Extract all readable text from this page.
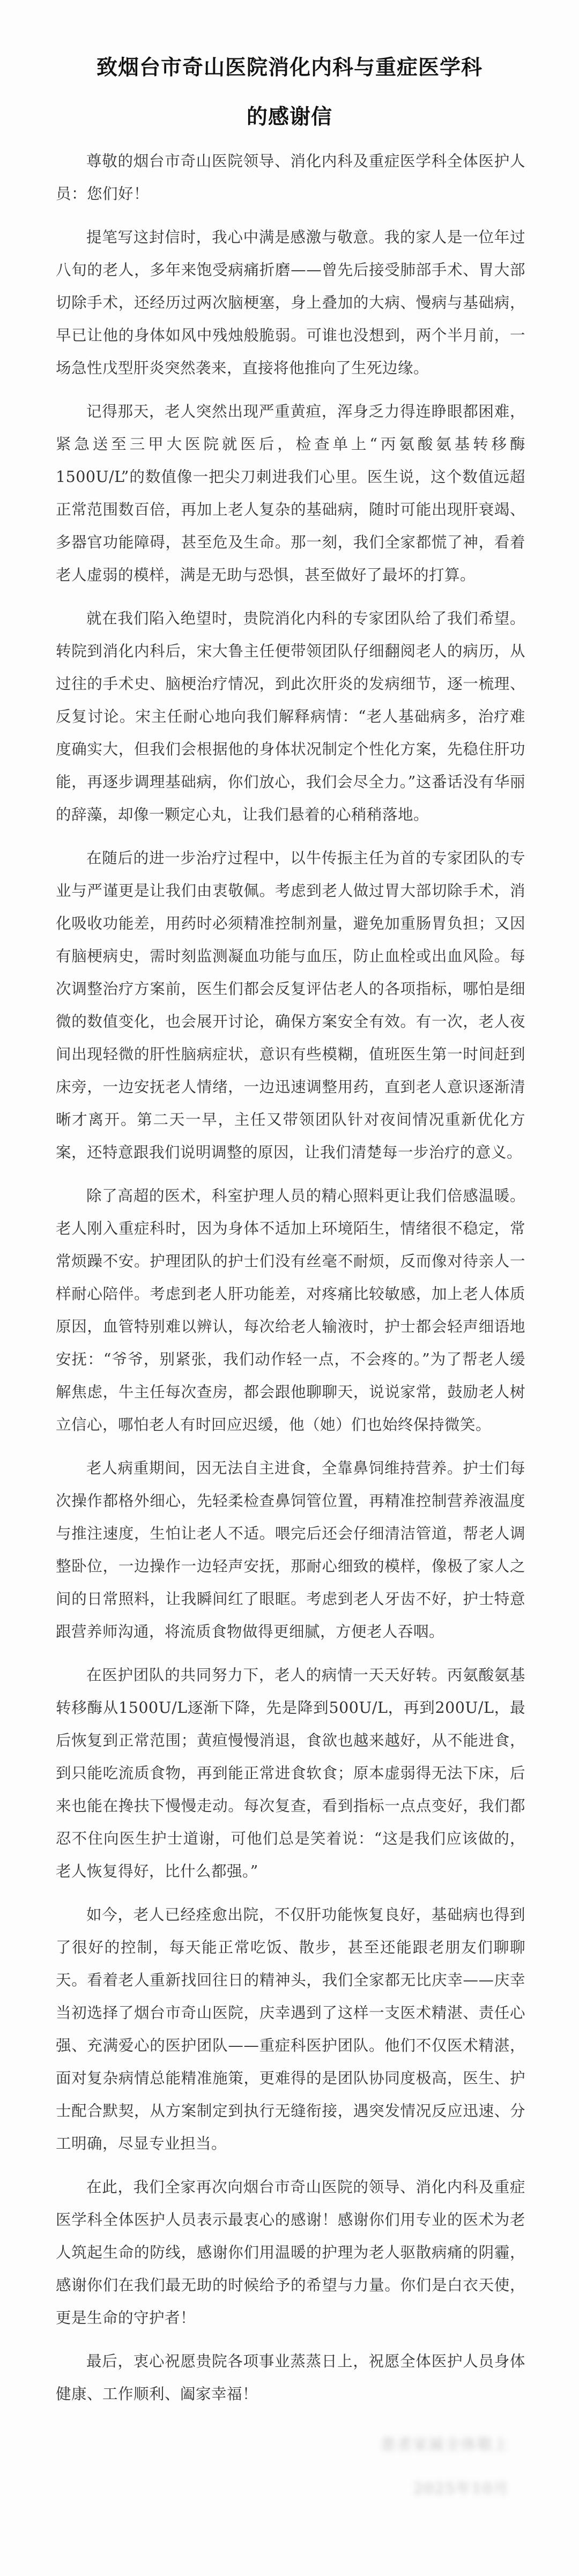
致烟台市奇山医院消化内科与重症医学科
的感谢信

尊敬的烟台市奇山医院领导、消化内科及重症医学科全体医护人员：您们好！

提笔写这封信时，我心中满是感激与敬意。我的家人是一位年过八旬的老人，多年来饱受病痛折磨——曾先后接受肺部手术、胃大部切除手术，还经历过两次脑梗塞，身上叠加的大病、慢病与基础病，早已让他的身体如风中残烛般脆弱。可谁也没想到，两个半月前，一场急性戊型肝炎突然袭来，直接将他推向了生死边缘。

记得那天，老人突然出现严重黄疸，浑身乏力得连睁眼都困难，紧急送至三甲大医院就医后，检查单上“丙氨酸氨基转移酶1500U/L”的数值像一把尖刀刺进我们心里。医生说，这个数值远超正常范围数百倍，再加上老人复杂的基础病，随时可能出现肝衰竭、多器官功能障碍，甚至危及生命。那一刻，我们全家都慌了神，看着老人虚弱的模样，满是无助与恐惧，甚至做好了最坏的打算。

就在我们陷入绝望时，贵院消化内科的专家团队给了我们希望。转院到消化内科后，宋大鲁主任便带领团队仔细翻阅老人的病历，从过往的手术史、脑梗治疗情况，到此次肝炎的发病细节，逐一梳理、反复讨论。宋主任耐心地向我们解释病情：“老人基础病多，治疗难度确实大，但我们会根据他的身体状况制定个性化方案，先稳住肝功能，再逐步调理基础病，你们放心，我们会尽全力。”这番话没有华丽的辞藻，却像一颗定心丸，让我们悬着的心稍稍落地。

在随后的进一步治疗过程中，以牛传振主任为首的专家团队的专业与严谨更是让我们由衷敬佩。考虑到老人做过胃大部切除手术，消化吸收功能差，用药时必须精准控制剂量，避免加重肠胃负担；又因有脑梗病史，需时刻监测凝血功能与血压，防止血栓或出血风险。每次调整治疗方案前，医生们都会反复评估老人的各项指标，哪怕是细微的数值变化，也会展开讨论，确保方案安全有效。有一次，老人夜间出现轻微的肝性脑病症状，意识有些模糊，值班医生第一时间赶到床旁，一边安抚老人情绪，一边迅速调整用药，直到老人意识逐渐清晰才离开。第二天一早，主任又带领团队针对夜间情况重新优化方案，还特意跟我们说明调整的原因，让我们清楚每一步治疗的意义。

除了高超的医术，科室护理人员的精心照料更让我们倍感温暖。老人刚入重症科时，因为身体不适加上环境陌生，情绪很不稳定，常常烦躁不安。护理团队的护士们没有丝毫不耐烦，反而像对待亲人一样耐心陪伴。考虑到老人肝功能差，对疼痛比较敏感，加上老人体质原因，血管特别难以辨认，每次给老人输液时，护士都会轻声细语地安抚：“爷爷，别紧张，我们动作轻一点，不会疼的。”为了帮老人缓解焦虑，牛主任每次查房，都会跟他聊聊天，说说家常，鼓励老人树立信心，哪怕老人有时回应迟缓，他（她）们也始终保持微笑。

老人病重期间，因无法自主进食，全靠鼻饲维持营养。护士们每次操作都格外细心，先轻柔检查鼻饲管位置，再精准控制营养液温度与推注速度，生怕让老人不适。喂完后还会仔细清洁管道，帮老人调整卧位，一边操作一边轻声安抚，那耐心细致的模样，像极了家人之间的日常照料，让我瞬间红了眼眶。考虑到老人牙齿不好，护士特意跟营养师沟通，将流质食物做得更细腻，方便老人吞咽。

在医护团队的共同努力下，老人的病情一天天好转。丙氨酸氨基转移酶从1500U/L逐渐下降，先是降到500U/L，再到200U/L，最后恢复到正常范围；黄疸慢慢消退，食欲也越来越好，从不能进食，到只能吃流质食物，再到能正常进食软食；原本虚弱得无法下床，后来也能在搀扶下慢慢走动。每次复查，看到指标一点点变好，我们都忍不住向医生护士道谢，可他们总是笑着说：“这是我们应该做的，老人恢复得好，比什么都强。”

如今，老人已经痊愈出院，不仅肝功能恢复良好，基础病也得到了很好的控制，每天能正常吃饭、散步，甚至还能跟老朋友们聊聊天。看着老人重新找回往日的精神头，我们全家都无比庆幸——庆幸当初选择了烟台市奇山医院，庆幸遇到了这样一支医术精湛、责任心强、充满爱心的医护团队——重症科医护团队。他们不仅医术精湛，面对复杂病情总能精准施策，更难得的是团队协同度极高，医生、护士配合默契，从方案制定到执行无缝衔接，遇突发情况反应迅速、分工明确，尽显专业担当。

在此，我们全家再次向烟台市奇山医院的领导、消化内科及重症医学科全体医护人员表示最衷心的感谢！感谢你们用专业的医术为老人筑起生命的防线，感谢你们用温暖的护理为老人驱散病痛的阴霾，感谢你们在我们最无助的时候给予的希望与力量。你们是白衣天使，更是生命的守护者！

最后，衷心祝愿贵院各项事业蒸蒸日上，祝愿全体医护人员身体健康、工作顺利、阖家幸福！

患者家属全体敬上
2025年10月
